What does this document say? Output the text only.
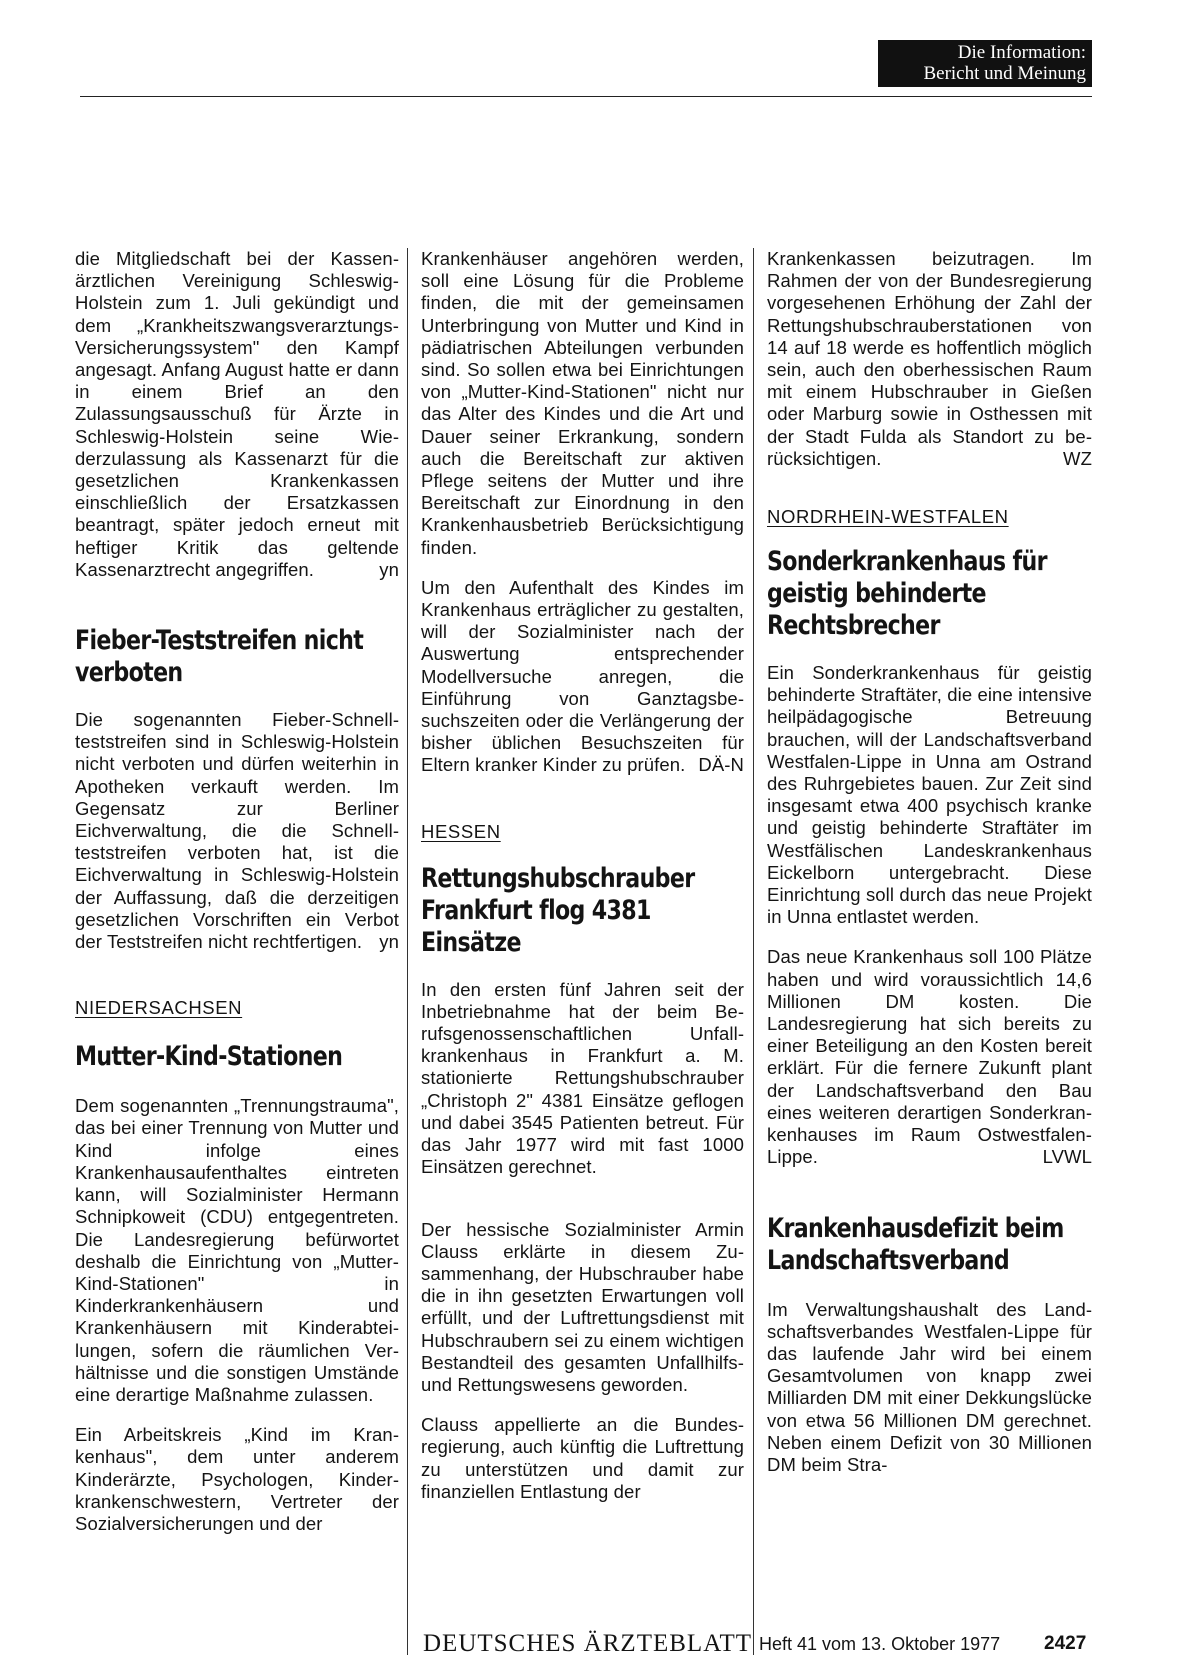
Die Information:
Bericht und Meinung

die Mitgliedschaft bei der Kassenärztlichen Vereinigung Schleswig-Holstein zum 1. Juli gekündigt und dem „Krankheitszwangsverarztungs-Versicherungssystem" den Kampf angesagt. Anfang August hatte er dann in einem Brief an den Zulassungsausschuß für Ärzte in Schleswig-Holstein seine Wiederzulassung als Kassenarzt für die gesetzlichen Krankenkassen einschließlich der Ersatzkassen beantragt, später jedoch erneut mit heftiger Kritik das geltende Kassenarztrecht angegriffen.	yn

Fieber-Teststreifen nicht verboten

Die sogenannten Fieber-Schnellteststreifen sind in Schleswig-Holstein nicht verboten und dürfen weiterhin in Apotheken verkauft werden. Im Gegensatz zur Berliner Eichverwaltung, die die Schnellteststreifen verboten hat, ist die Eichverwaltung in Schleswig-Holstein der Auffassung, daß die derzeitigen gesetzlichen Vorschriften ein Verbot der Teststreifen nicht rechtfertigen. yn

NIEDERSACHSEN

Mutter-Kind-Stationen

Dem sogenannten „Trennungstrauma", das bei einer Trennung von Mutter und Kind infolge eines Krankenhausaufenthaltes eintreten kann, will Sozialminister Hermann Schnipkoweit (CDU) entgegentreten. Die Landesregierung befürwortet deshalb die Einrichtung von „Mutter-Kind-Stationen" in Kinderkrankenhäusern und Krankenhäusern mit Kinderabteilungen, sofern die räumlichen Verhältnisse und die sonstigen Umstände eine derartige Maßnahme zulassen.

Ein Arbeitskreis „Kind im Krankenhaus", dem unter anderem Kinderärzte, Psychologen, Kinderkrankenschwestern, Vertreter der Sozialversicherungen und der

Krankenhäuser angehören werden, soll eine Lösung für die Probleme finden, die mit der gemeinsamen Unterbringung von Mutter und Kind in pädiatrischen Abteilungen verbunden sind. So sollen etwa bei Einrichtungen von „Mutter-Kind-Stationen" nicht nur das Alter des Kindes und die Art und Dauer seiner Erkrankung, sondern auch die Bereitschaft zur aktiven Pflege seitens der Mutter und ihre Bereitschaft zur Einordnung in den Krankenhausbetrieb Berücksichtigung finden.

Um den Aufenthalt des Kindes im Krankenhaus erträglicher zu gestalten, will der Sozialminister nach der Auswertung entsprechender Modellversuche anregen, die Einführung von Ganztagsbesuchszeiten oder die Verlängerung der bisher üblichen Besuchszeiten für Eltern kranker Kinder zu prüfen. DÄ-N

HESSEN

Rettungshubschrauber Frankfurt flog 4381 Einsätze

In den ersten fünf Jahren seit der Inbetriebnahme hat der beim Berufsgenossenschaftlichen Unfallkrankenhaus in Frankfurt a. M. stationierte Rettungshubschrauber „Christoph 2" 4381 Einsätze geflogen und dabei 3545 Patienten betreut. Für das Jahr 1977 wird mit fast 1000 Einsätzen gerechnet.

Der hessische Sozialminister Armin Clauss erklärte in diesem Zusammenhang, der Hubschrauber habe die in ihn gesetzten Erwartungen voll erfüllt, und der Luftrettungsdienst mit Hubschraubern sei zu einem wichtigen Bestandteil des gesamten Unfallhilfs- und Rettungswesens geworden.

Clauss appellierte an die Bundesregierung, auch künftig die Luftrettung zu unterstützen und damit zur finanziellen Entlastung der

Krankenkassen beizutragen. Im Rahmen der von der Bundesregierung vorgesehenen Erhöhung der Zahl der Rettungshubschrauberstationen von 14 auf 18 werde es hoffentlich möglich sein, auch den oberhessischen Raum mit einem Hubschrauber in Gießen oder Marburg sowie in Osthessen mit der Stadt Fulda als Standort zu berücksichtigen.	WZ

NORDRHEIN-WESTFALEN

Sonderkrankenhaus für geistig behinderte Rechtsbrecher

Ein Sonderkrankenhaus für geistig behinderte Straftäter, die eine intensive heilpädagogische Betreuung brauchen, will der Landschaftsverband Westfalen-Lippe in Unna am Ostrand des Ruhrgebietes bauen. Zur Zeit sind insgesamt etwa 400 psychisch kranke und geistig behinderte Straftäter im Westfälischen Landeskrankenhaus Eickelborn untergebracht. Diese Einrichtung soll durch das neue Projekt in Unna entlastet werden.

Das neue Krankenhaus soll 100 Plätze haben und wird voraussichtlich 14,6 Millionen DM kosten. Die Landesregierung hat sich bereits zu einer Beteiligung an den Kosten bereit erklärt. Für die fernere Zukunft plant der Landschaftsverband den Bau eines weiteren derartigen Sonderkrankenhauses im Raum Ostwestfalen-Lippe.	LVWL

Krankenhausdefizit beim Landschaftsverband

Im Verwaltungshaushalt des Landschaftsverbandes Westfalen-Lippe für das laufende Jahr wird bei einem Gesamtvolumen von knapp zwei Milliarden DM mit einer Dekkungslücke von etwa 56 Millionen DM gerechnet. Neben einem Defizit von 30 Millionen DM beim Stra-

DEUTSCHES ÄRZTEBLATT Heft 41 vom 13. Oktober 1977 2427
